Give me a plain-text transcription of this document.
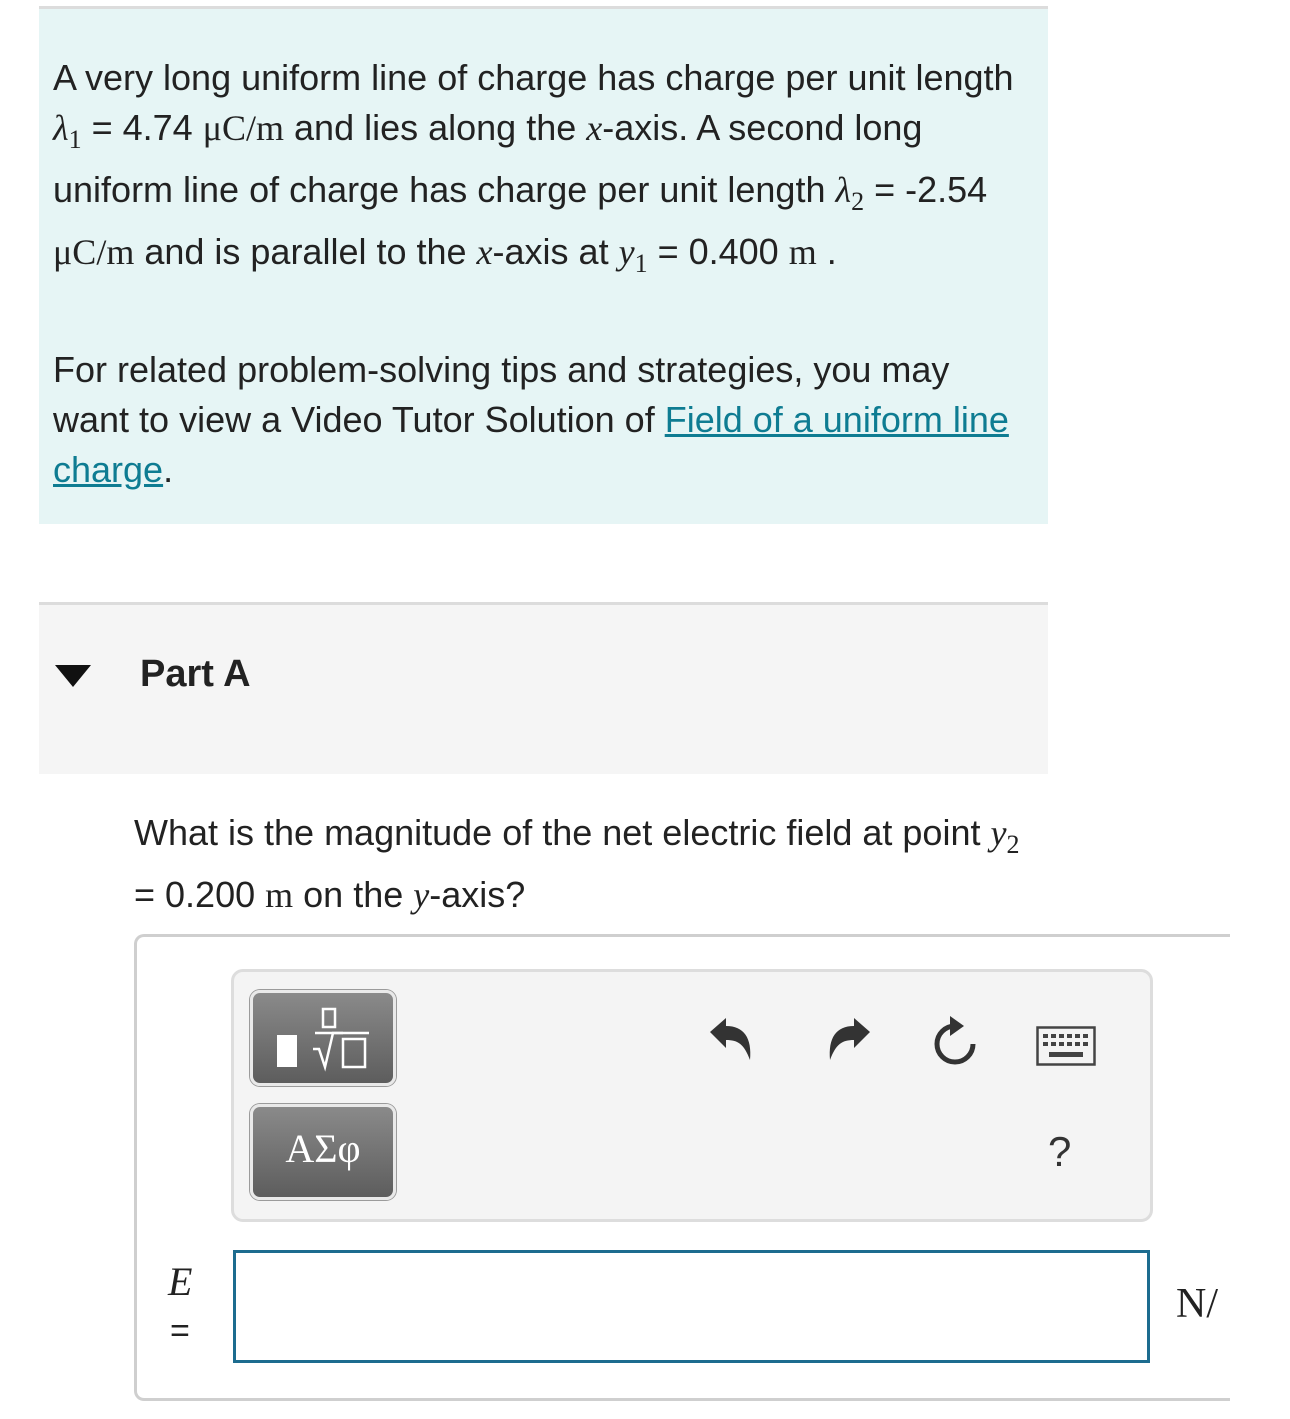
A very long uniform line of charge has charge per unit length $\lambda_1 = 4.74$ μC/m and lies along the x-axis. A second long uniform line of charge has charge per unit length $\lambda_2 = -2.54$ μC/m and is parallel to the x-axis at $y_1 = 0.400$ m .

For related problem-solving tips and strategies, you may want to view a Video Tutor Solution of Field of a uniform line charge.

Part A
What is the magnitude of the net electric field at point $y_2 = 0.200$ m on the y-axis?
ΑΣφ	?
E
=
N/
